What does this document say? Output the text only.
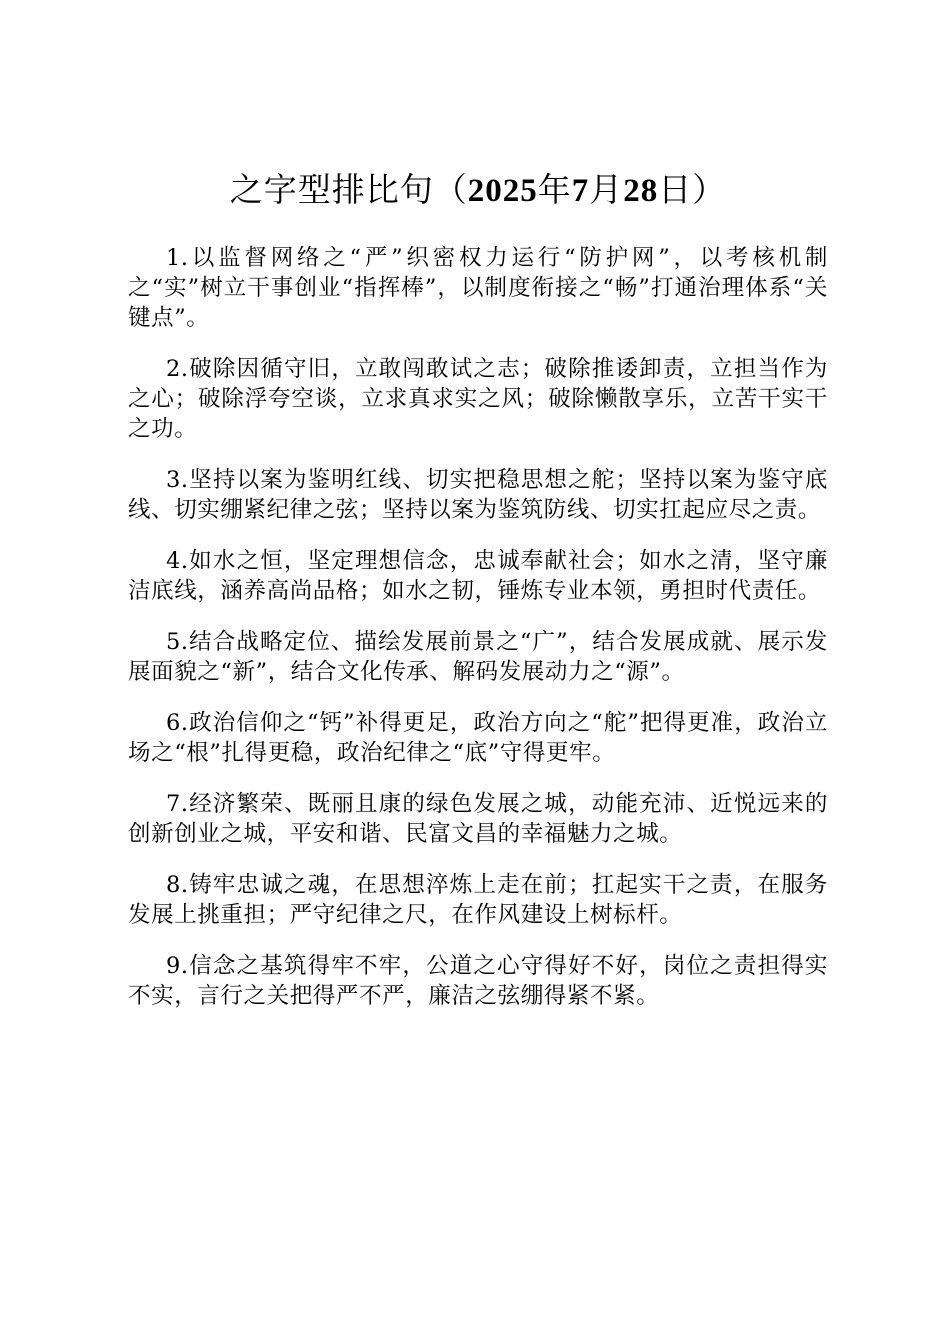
之字型排比句（2025年7月28日）
1.以监督网络之“严”织密权力运行“防护网”，以考核机制之“实”树立干事创业“指挥棒”，以制度衔接之“畅”打通治理体系“关键点”。
2.破除因循守旧，立敢闯敢试之志；破除推诿卸责，立担当作为之心；破除浮夸空谈，立求真求实之风；破除懒散享乐，立苦干实干之功。
3.坚持以案为鉴明红线、切实把稳思想之舵；坚持以案为鉴守底线、切实绷紧纪律之弦；坚持以案为鉴筑防线、切实扛起应尽之责。
4.如水之恒，坚定理想信念，忠诚奉献社会；如水之清，坚守廉洁底线，涵养高尚品格；如水之韧，锤炼专业本领，勇担时代责任。
5.结合战略定位、描绘发展前景之“广”，结合发展成就、展示发展面貌之“新”，结合文化传承、解码发展动力之“源”。
6.政治信仰之“钙”补得更足，政治方向之“舵”把得更准，政治立场之“根”扎得更稳，政治纪律之“底”守得更牢。
7.经济繁荣、既丽且康的绿色发展之城，动能充沛、近悦远来的创新创业之城，平安和谐、民富文昌的幸福魅力之城。
8.铸牢忠诚之魂，在思想淬炼上走在前；扛起实干之责，在服务发展上挑重担；严守纪律之尺，在作风建设上树标杆。
9.信念之基筑得牢不牢，公道之心守得好不好，岗位之责担得实不实，言行之关把得严不严，廉洁之弦绷得紧不紧。
